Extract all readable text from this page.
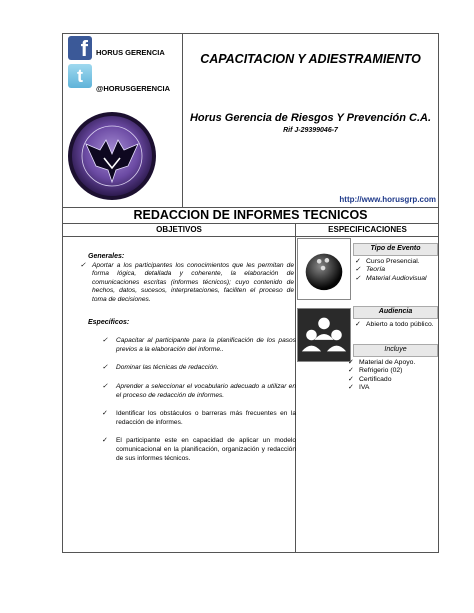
f	HORUS GERENCIA
t
@HORUSGERENCIA
CAPACITACION Y ADIESTRAMIENTO
Horus Gerencia de Riesgos Y Prevención C.A.
Rif J-29399046-7
http://www.horusgrp.com
REDACCION DE INFORMES TECNICOS
OBJETIVOS	ESPECIFICACIONES
Generales:
✓ Aportar a los participantes los conocimientos que les permitan de forma lógica, detallada y coherente, la elaboración de comunicaciones escritas (informes técnicos); cuyo contenido de hechos, datos, sucesos, interpretaciones, faciliten el proceso de toma de decisiones.
Específicos:
✓ Capacitar al participante para la planificación de los pasos previos a la elaboración del informe..
✓ Dominar las técnicas de redacción.
✓ Aprender a seleccionar el vocabulario adecuado a utilizar en el proceso de redacción de informes.
✓ Identificar los obstáculos o barreras más frecuentes en la redacción de informes.
✓ El participante este en capacidad de aplicar un modelo comunicacional en la planificación, organización y redacción de sus informes técnicos.
Tipo de Evento
✓ Curso Presencial.
✓ Teoría
✓ Material Audiovisual
Audiencia
✓ Abierto a todo público.
Incluye
✓ Material de Apoyo.
✓ Refrigerio (02)
✓ Certificado
✓ IVA
